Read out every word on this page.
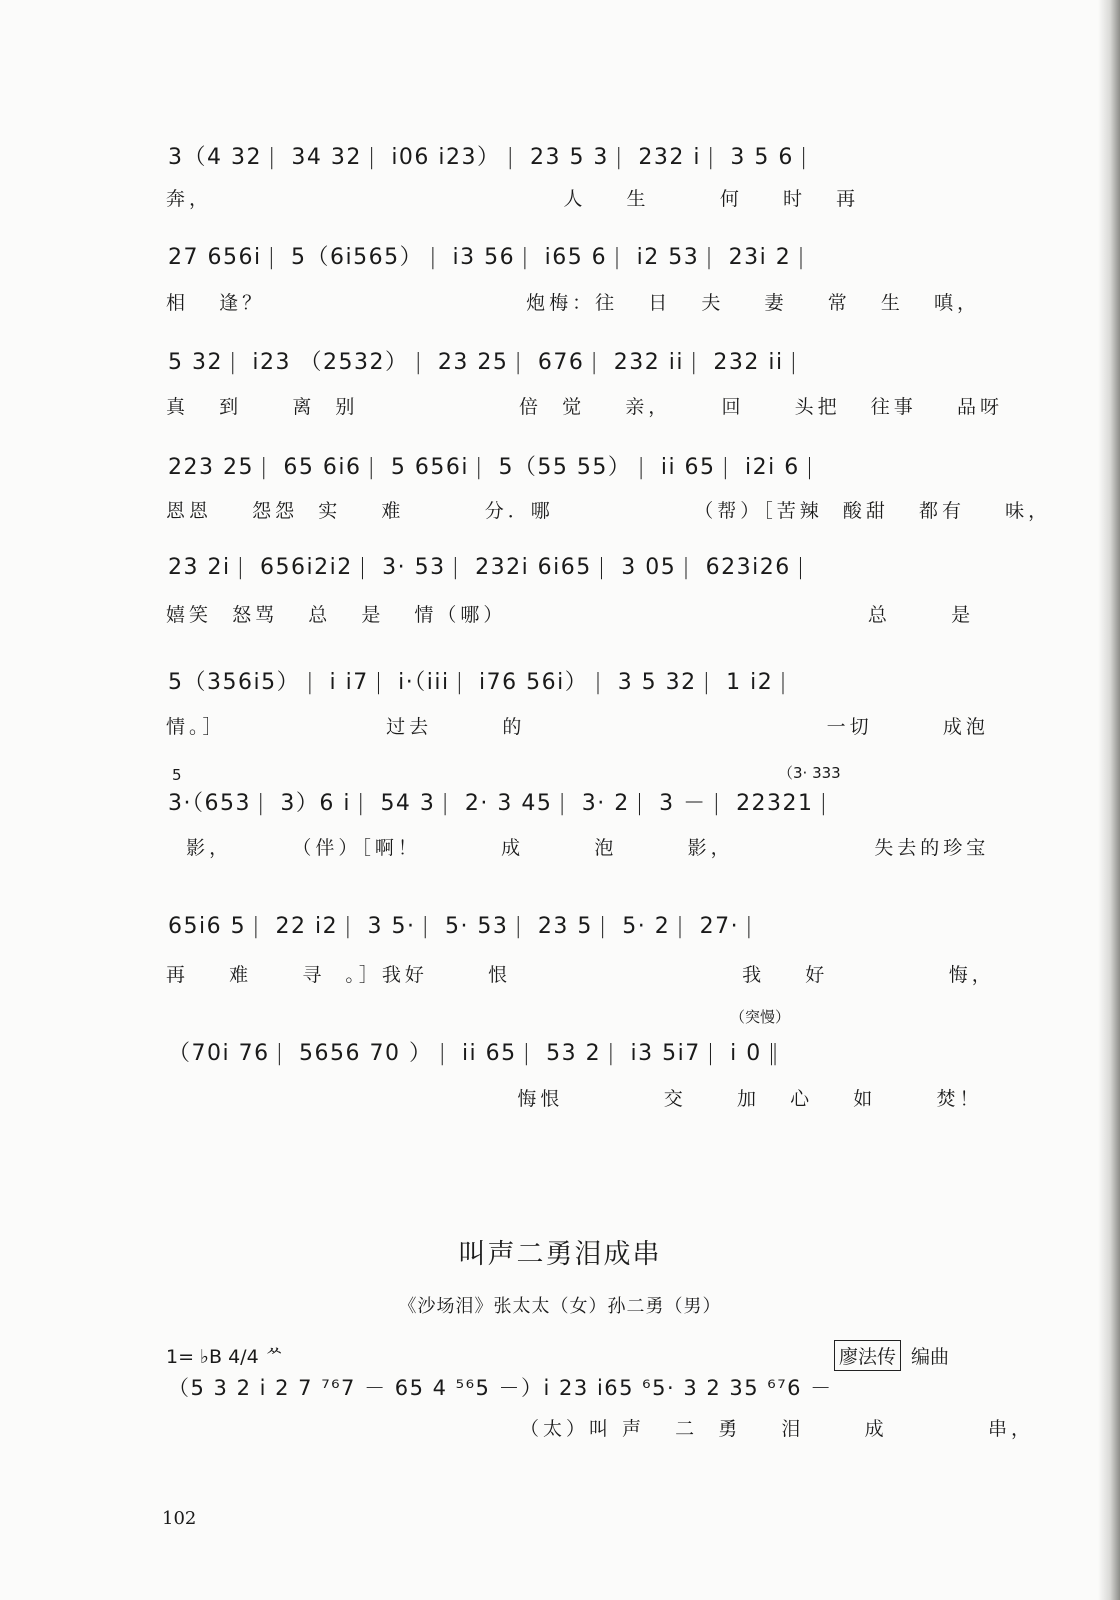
3（4 32 | 34 32 | i06 i23） | 23 5 3 | 232 i | 3 5 6 |
奔，                                   人    生       何    时   再
27 656i | 5（6i565） | i3 56 | i65 6 | i2 53 | 23i 2 |
相   逢？                          炮梅：往   日   夫    妻    常   生   嗔，
5 32 | i23 （2532） | 23 25 | 676 | 232 ii | 232 ii |
真   到     离  别                倍  觉    亲，     回     头把   往事    品呀
223 25 | 65 6i6 | 5 656i | 5（55 55） | ii 65 | i2i 6 |
恩恩    怨怨  实    难        分．哪              （帮）［苦辣  酸甜   都有    味，
23 2i | 656i2i2 | 3· 53 | 232i 6i65 | 3 05 | 623i26 |
嬉笑  怒骂   总   是   情（哪）                                    总      是
5（356i5） | i i7 | i·（iii | i76 56i） | 3 5 32 | 1 i2 |
情。］                过去       的                              一切       成泡
5	（3· 333
3·（653 | 3）6 i | 54 3 | 2· 3 45 | 3· 2 | 3 － | 22321 |
影，      （伴）［啊！        成       泡       影，              失去的珍宝
65i6 5 | 22 i2 | 3 5· | 5· 53 | 23 5 | 5· 2 | 27· |
再    难     寻  。］我好      恨                       我    好            悔，
（突慢）
（70i 76 | 5656 70 ） | ii 65 | 53 2 | i3 5i7 | i 0 ‖
悔恨          交     加   心    如      焚！
叫声二勇泪成串
《沙场泪》张太太（女）孙二勇（男）
1= ♭B 4/4 ᄊ	廖法传 编曲
（5 3 2 i 2 7 ⁷⁶7 － 65 4 ⁵⁶5 －）i 23 i65 ⁶5· 3 2 35 ⁶⁷6 －
（太）叫 声   二  勇    泪      成          串，
102
